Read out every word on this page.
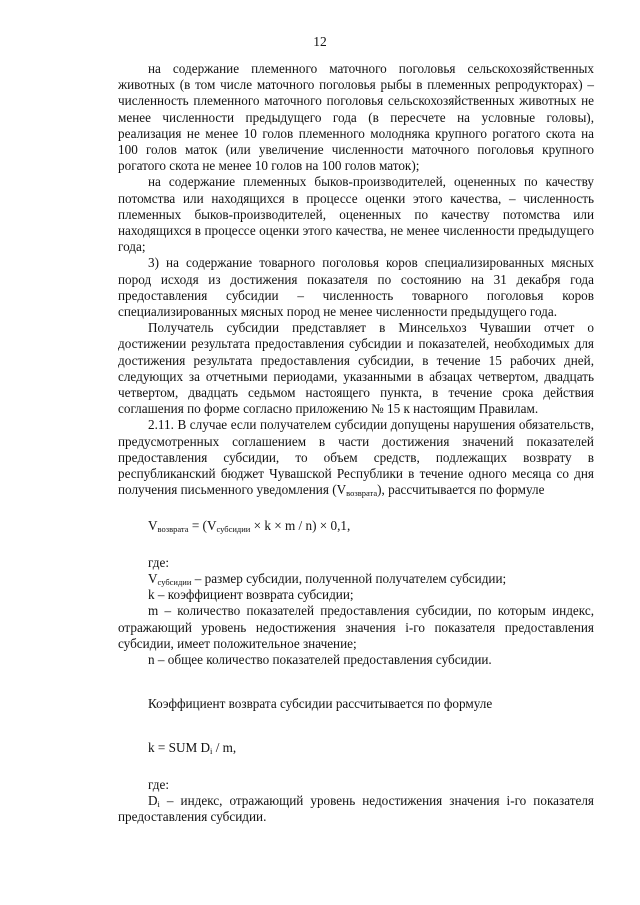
12

на содержание племенного маточного поголовья сельскохозяйственных животных (в том числе маточного поголовья рыбы в племенных репродукторах) – численность племенного маточного поголовья сельскохозяйственных животных не менее численности предыдущего года (в пересчете на условные головы), реализация не менее 10 голов племенного молодняка крупного рогатого скота на 100 голов маток (или увеличение численности маточного поголовья крупного рогатого скота не менее 10 голов на 100 голов маток);

на содержание племенных быков-производителей, оцененных по качеству потомства или находящихся в процессе оценки этого качества, – численность племенных быков-производителей, оцененных по качеству потомства или находящихся в процессе оценки этого качества, не менее численности предыдущего года;

3) на содержание товарного поголовья коров специализированных мясных пород исходя из достижения показателя по состоянию на 31 декабря года предоставления субсидии – численность товарного поголовья коров специализированных мясных пород не менее численности предыдущего года.

Получатель субсидии представляет в Минсельхоз Чувашии отчет о достижении результата предоставления субсидии и показателей, необходимых для достижения результата предоставления субсидии, в течение 15 рабочих дней, следующих за отчетными периодами, указанными в абзацах четвертом, двадцать четвертом, двадцать седьмом настоящего пункта, в течение срока действия соглашения по форме согласно приложению № 15 к настоящим Правилам.

2.11. В случае если получателем субсидии допущены нарушения обязательств, предусмотренных соглашением в части достижения значений показателей предоставления субсидии, то объем средств, подлежащих возврату в республиканский бюджет Чувашской Республики в течение одного месяца со дня получения письменного уведомления $(V_{возврата})$, рассчитывается по формуле

$V_{возврата} = (V_{субсидии} \times k \times m / n) \times 0,1$,

где:

$V_{субсидии}$ – размер субсидии, полученной получателем субсидии;

k – коэффициент возврата субсидии;

m – количество показателей предоставления субсидии, по которым индекс, отражающий уровень недостижения значения i-го показателя предоставления субсидии, имеет положительное значение;

n – общее количество показателей предоставления субсидии.

Коэффициент возврата субсидии рассчитывается по формуле

k = SUM $D_i$ / m,

где:

$D_i$ – индекс, отражающий уровень недостижения значения i-го показателя предоставления субсидии.
